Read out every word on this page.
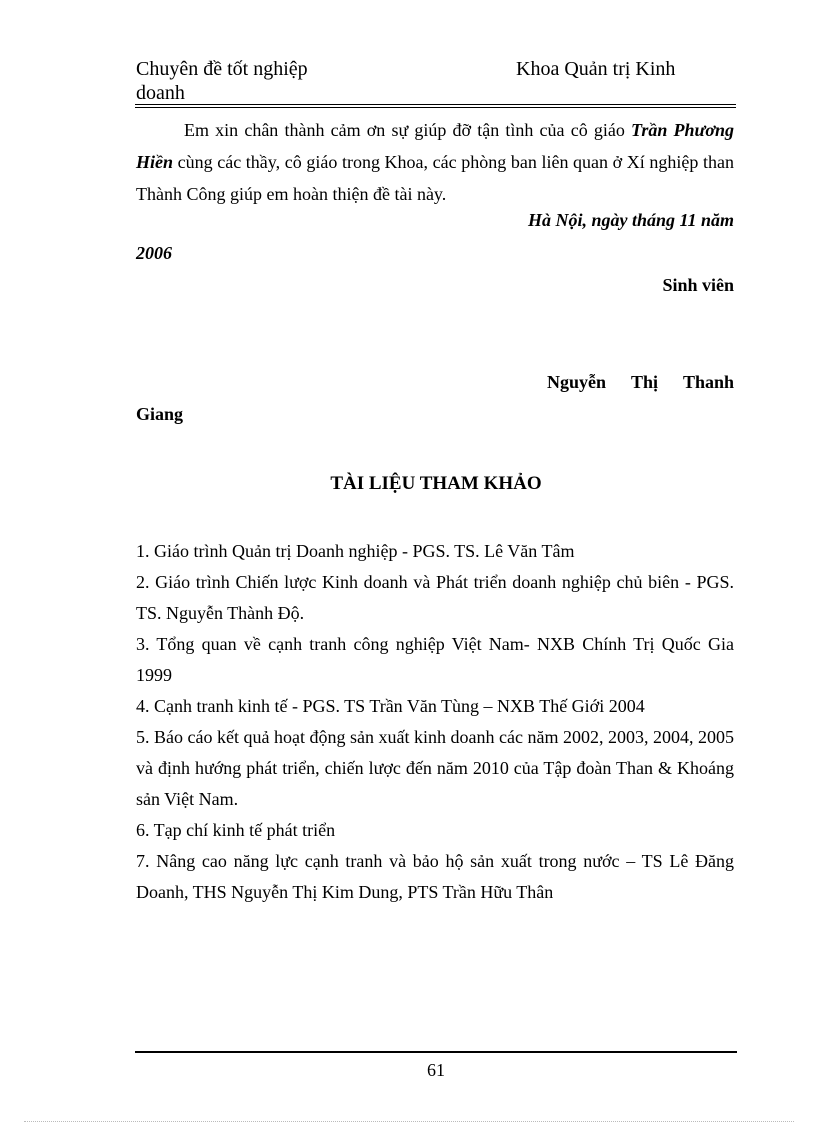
Chuyên đề tốt nghiệp	Khoa Quản trị Kinh
doanh

Em xin chân thành cảm ơn sự giúp đỡ tận tình của cô giáo Trần Phương Hiền cùng các thầy, cô giáo trong Khoa, các phòng ban liên quan ở Xí nghiệp than Thành Công giúp em hoàn thiện đề tài này.

Hà Nội, ngày tháng 11 năm
2006
Sinh viên
Nguyễn Thị Thanh
Giang
TÀI LIỆU THAM KHẢO

1. Giáo trình Quản trị Doanh nghiệp - PGS. TS. Lê Văn Tâm

2. Giáo trình Chiến lược Kinh doanh và Phát triển doanh nghiệp chủ biên - PGS. TS. Nguyễn Thành Độ.

3. Tổng quan về cạnh tranh công nghiệp Việt Nam- NXB Chính Trị Quốc Gia 1999

4. Cạnh tranh kinh tế - PGS. TS Trần Văn Tùng – NXB Thế Giới 2004

5. Báo cáo kết quả hoạt động sản xuất kinh doanh các năm 2002, 2003, 2004, 2005 và định hướng phát triển, chiến lược đến năm 2010 của Tập đoàn Than & Khoáng sản Việt Nam.

6. Tạp chí kinh tế phát triển

7. Nâng cao năng lực cạnh tranh và bảo hộ sản xuất trong nước – TS Lê Đăng Doanh, THS Nguyễn Thị Kim Dung, PTS Trần Hữu Thân

61
